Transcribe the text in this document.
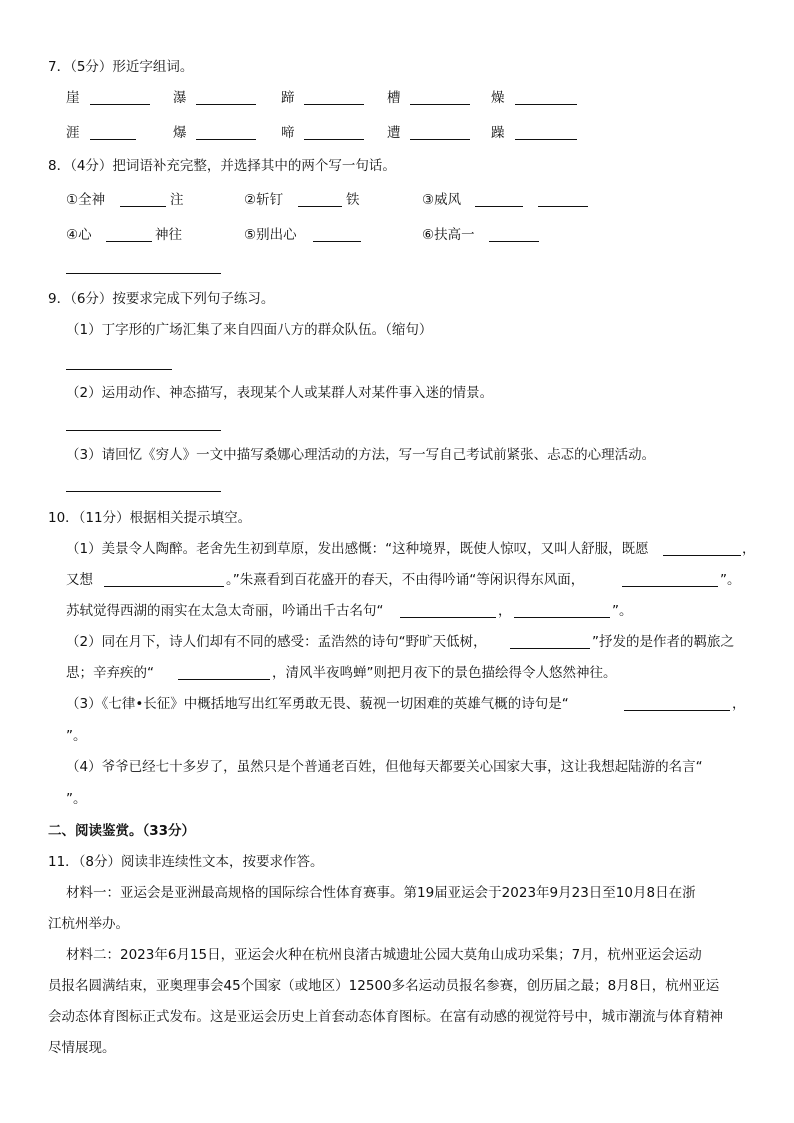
7．（5分）形近字组词。
崖	瀑	蹄	槽	燥
涯	爆	啼	遭	躁
8．（4分）把词语补充完整，并选择其中的两个写一句话。
①全神	注	②斩钉	铁	③威风
④心	神往	⑤别出心	⑥扶高一
9．（6分）按要求完成下列句子练习。
（1）丁字形的广场汇集了来自四面八方的群众队伍。（缩句）
（2）运用动作、神态描写，表现某个人或某群人对某件事入迷的情景。
（3）请回忆《穷人》一文中描写桑娜心理活动的方法，写一写自己考试前紧张、忐忑的心理活动。
10．（11分）根据相关提示填空。
（1）美景令人陶醉。老舍先生初到草原，发出感慨：“这种境界，既使人惊叹，又叫人舒服，既愿	，
又想	。”朱熹看到百花盛开的春天，不由得吟诵“等闲识得东风面，	”。
苏轼觉得西湖的雨实在太急太奇丽，吟诵出千古名句“	，	”。
（2）同在月下，诗人们却有不同的感受：孟浩然的诗句“野旷天低树，	”抒发的是作者的羁旅之
思；辛弃疾的“	，清风半夜鸣蝉”则把月夜下的景色描绘得令人悠然神往。
（3）《七律•长征》中概括地写出红军勇敢无畏、藐视一切困难的英雄气概的诗句是“	，
”。
（4）爷爷已经七十多岁了，虽然只是个普通老百姓，但他每天都要关心国家大事，这让我想起陆游的名言“
”。
二、阅读鉴赏。（33分）
11．（8分）阅读非连续性文本，按要求作答。
材料一：亚运会是亚洲最高规格的国际综合性体育赛事。第19届亚运会于2023年9月23日至10月8日在浙
江杭州举办。
材料二：2023年6月15日，亚运会火种在杭州良渚古城遗址公园大莫角山成功采集；7月，杭州亚运会运动
员报名圆满结束，亚奥理事会45个国家（或地区）12500多名运动员报名参赛，创历届之最；8月8日，杭州亚运
会动态体育图标正式发布。这是亚运会历史上首套动态体育图标。在富有动感的视觉符号中，城市潮流与体育精神
尽情展现。
